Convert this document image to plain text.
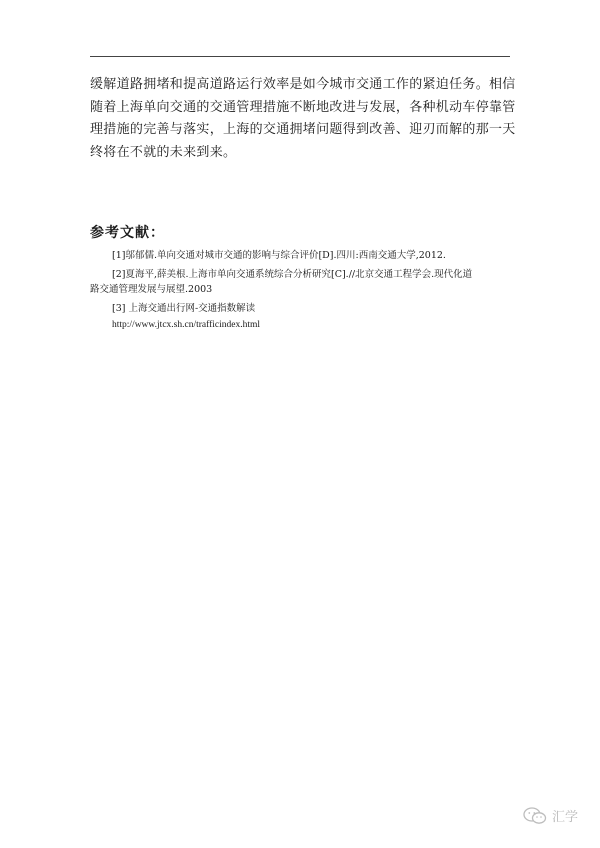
缓解道路拥堵和提高道路运行效率是如今城市交通工作的紧迫任务。相信随着上海单向交通的交通管理措施不断地改进与发展，各种机动车停靠管理措施的完善与落实，上海的交通拥堵问题得到改善、迎刃而解的那一天终将在不就的未来到来。

参考文献：
[1]邬郁儒.单向交通对城市交通的影响与综合评价[D].四川:西南交通大学,2012.
[2]夏海平,薛美根.上海市单向交通系统综合分析研究[C].//北京交通工程学会.现代化道
路交通管理发展与展望.2003
[3] 上海交通出行网-交通指数解读
http://www.jtcx.sh.cn/trafficindex.html
汇学
